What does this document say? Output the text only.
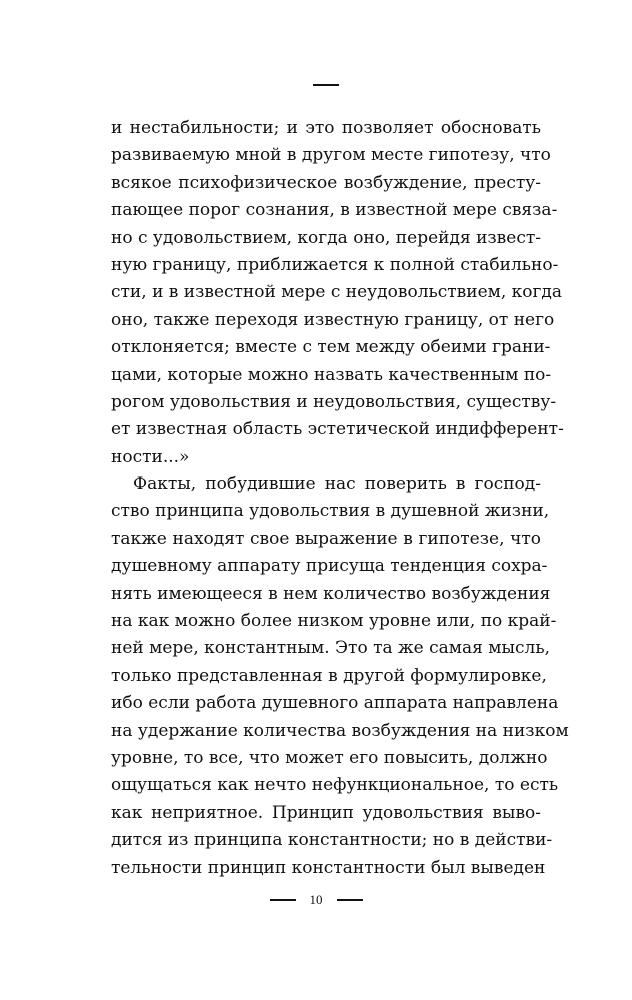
и нестабильности; и это позволяет обосновать
развиваемую мной в другом месте гипотезу, что
всякое психофизическое возбуждение, престу-
пающее порог сознания, в известной мере связа-
но с удовольствием, когда оно, перейдя извест-
ную границу, приближается к полной стабильно-
сти, и в известной мере с неудовольствием, когда
оно, также переходя известную границу, от него
отклоняется; вместе с тем между обеими грани-
цами, которые можно назвать качественным по-
рогом удовольствия и неудовольствия, существу-
ет известная область эстетической индифферент-
ности...»
Факты, побудившие нас поверить в господ-
ство принципа удовольствия в душевной жизни,
также находят свое выражение в гипотезе, что
душевному аппарату присуща тенденция сохра-
нять имеющееся в нем количество возбуждения
на как можно более низком уровне или, по край-
ней мере, константным. Это та же самая мысль,
только представленная в другой формулировке,
ибо если работа душевного аппарата направлена
на удержание количества возбуждения на низком
уровне, то все, что может его повысить, должно
ощущаться как нечто нефункциональное, то есть
как неприятное. Принцип удовольствия выво-
дится из принципа константности; но в действи-
тельности принцип константности был выведен
10
